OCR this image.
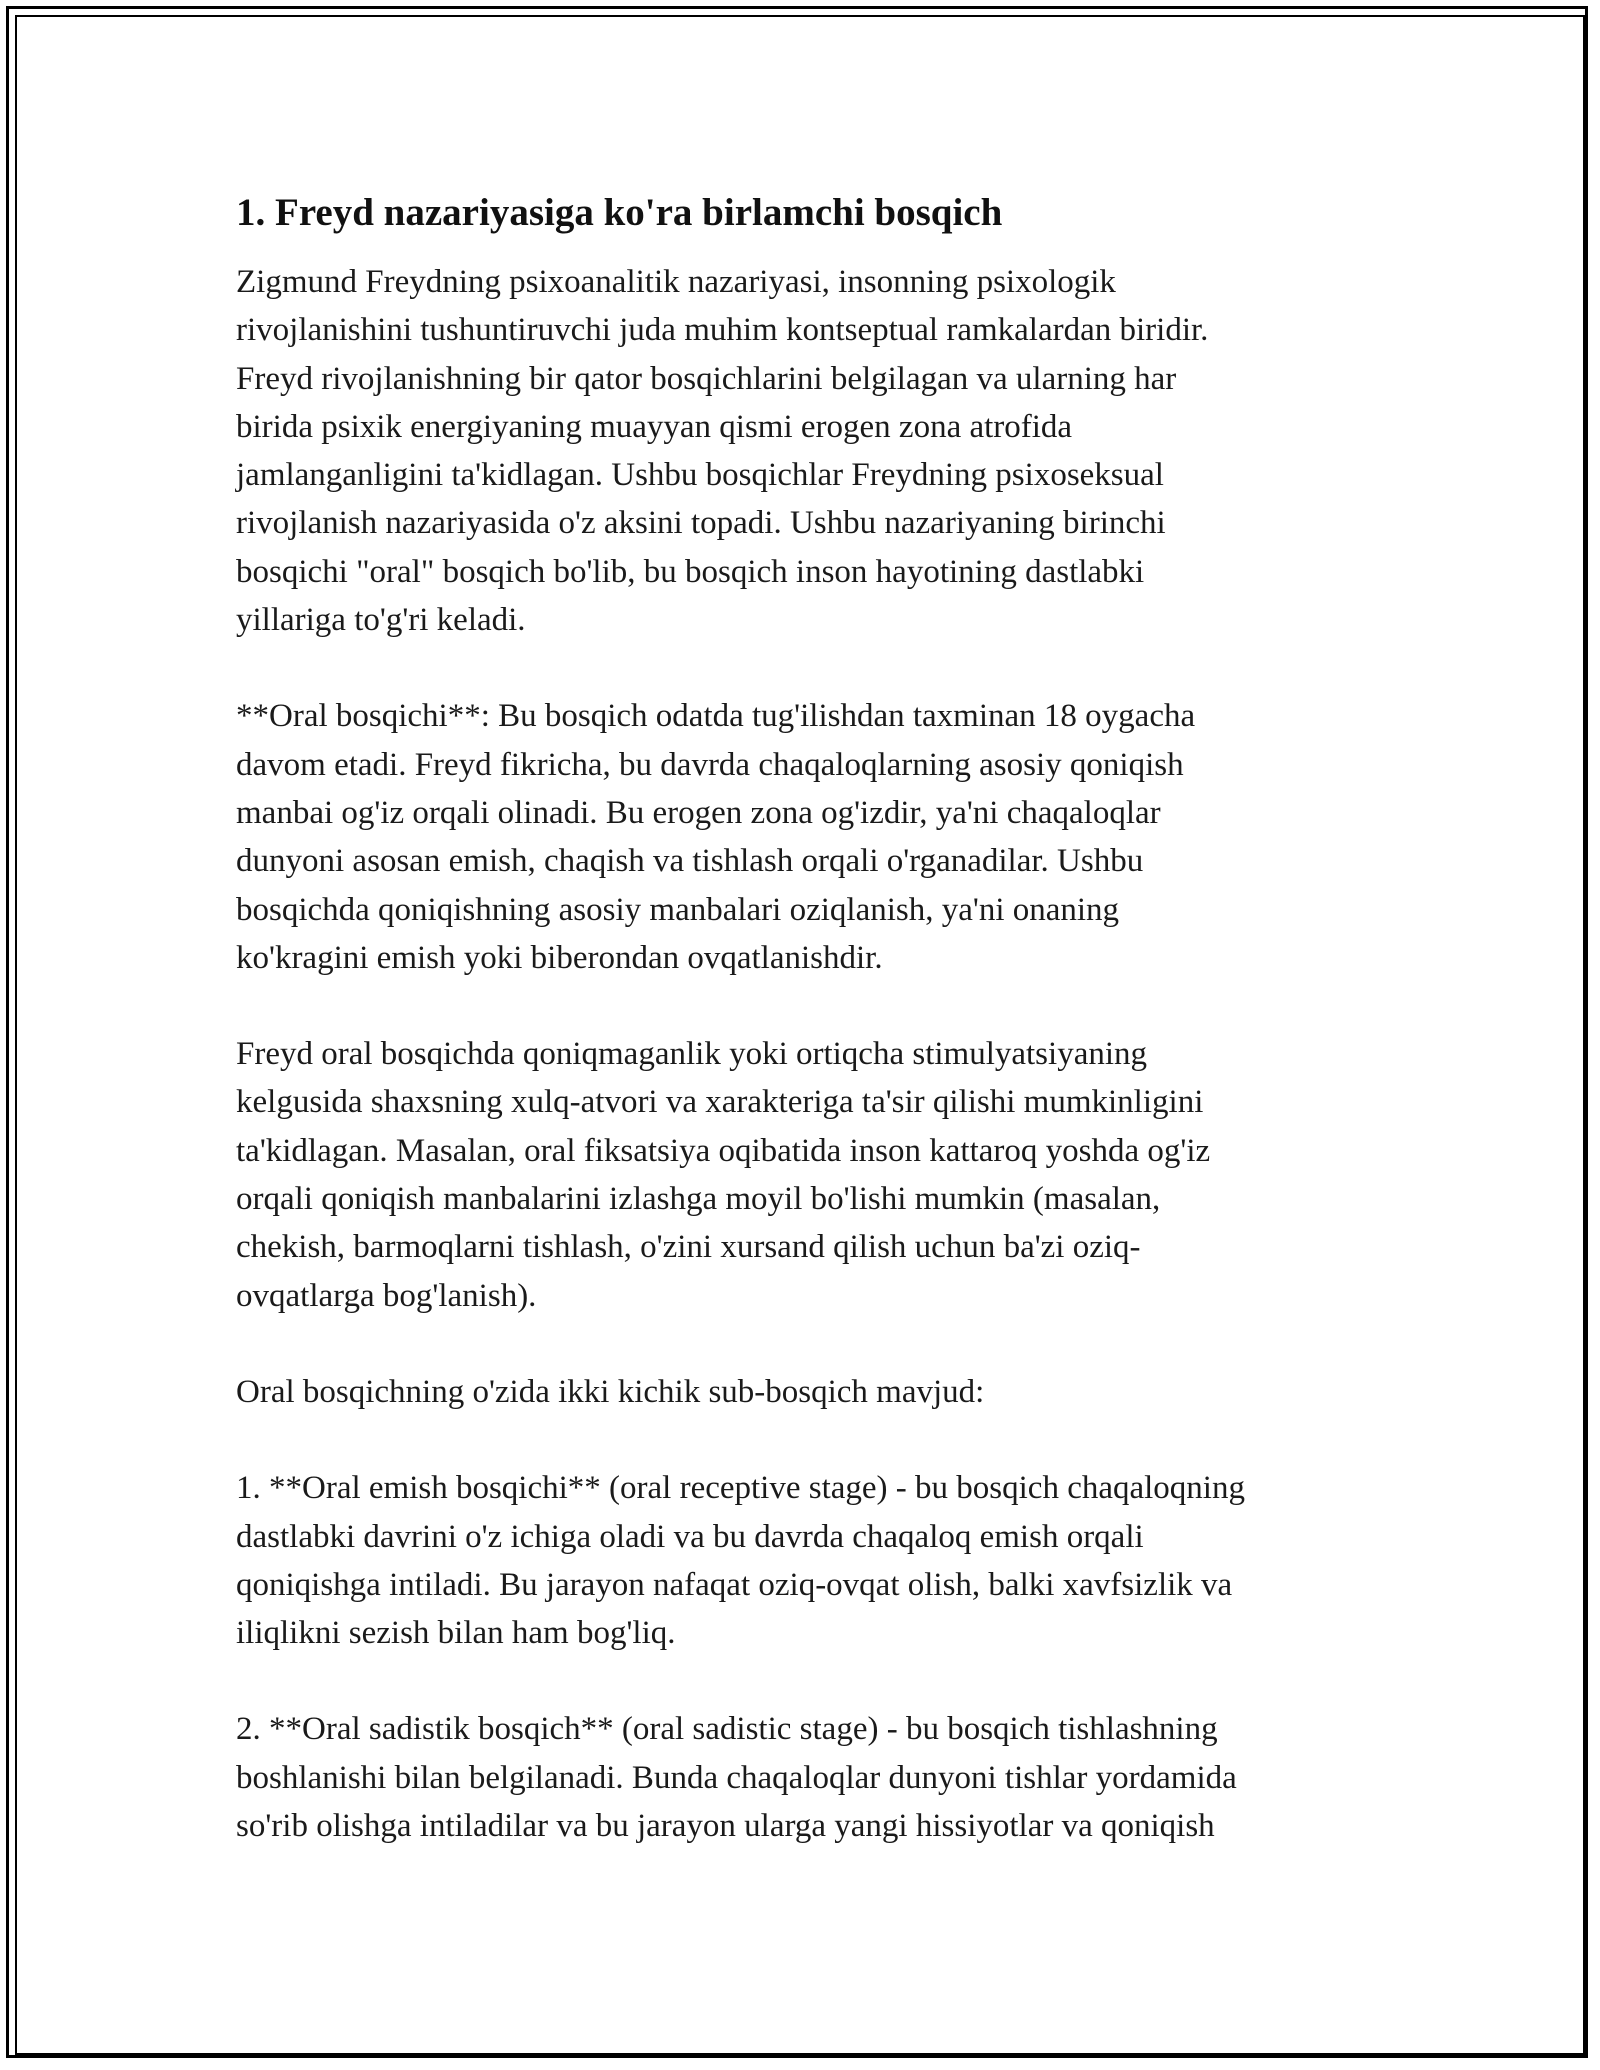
1. Freyd nazariyasiga ko'ra birlamchi bosqich

Zigmund Freydning psixoanalitik nazariyasi, insonning psixologik
rivojlanishini tushuntiruvchi juda muhim kontseptual ramkalardan biridir.
Freyd rivojlanishning bir qator bosqichlarini belgilagan va ularning har
birida psixik energiyaning muayyan qismi erogen zona atrofida
jamlanganligini ta'kidlagan. Ushbu bosqichlar Freydning psixoseksual
rivojlanish nazariyasida o'z aksini topadi. Ushbu nazariyaning birinchi
bosqichi "oral" bosqich bo'lib, bu bosqich inson hayotining dastlabki
yillariga to'g'ri keladi.

**Oral bosqichi**: Bu bosqich odatda tug'ilishdan taxminan 18 oygacha
davom etadi. Freyd fikricha, bu davrda chaqaloqlarning asosiy qoniqish
manbai og'iz orqali olinadi. Bu erogen zona og'izdir, ya'ni chaqaloqlar
dunyoni asosan emish, chaqish va tishlash orqali o'rganadilar. Ushbu
bosqichda qoniqishning asosiy manbalari oziqlanish, ya'ni onaning
ko'kragini emish yoki biberondan ovqatlanishdir.

Freyd oral bosqichda qoniqmaganlik yoki ortiqcha stimulyatsiyaning
kelgusida shaxsning xulq-atvori va xarakteriga ta'sir qilishi mumkinligini
ta'kidlagan. Masalan, oral fiksatsiya oqibatida inson kattaroq yoshda og'iz
orqali qoniqish manbalarini izlashga moyil bo'lishi mumkin (masalan,
chekish, barmoqlarni tishlash, o'zini xursand qilish uchun ba'zi oziq-
ovqatlarga bog'lanish).

Oral bosqichning o'zida ikki kichik sub-bosqich mavjud:

1. **Oral emish bosqichi** (oral receptive stage) - bu bosqich chaqaloqning
dastlabki davrini o'z ichiga oladi va bu davrda chaqaloq emish orqali
qoniqishga intiladi. Bu jarayon nafaqat oziq-ovqat olish, balki xavfsizlik va
iliqlikni sezish bilan ham bog'liq.

2. **Oral sadistik bosqich** (oral sadistic stage) - bu bosqich tishlashning
boshlanishi bilan belgilanadi. Bunda chaqaloqlar dunyoni tishlar yordamida
so'rib olishga intiladilar va bu jarayon ularga yangi hissiyotlar va qoniqish
